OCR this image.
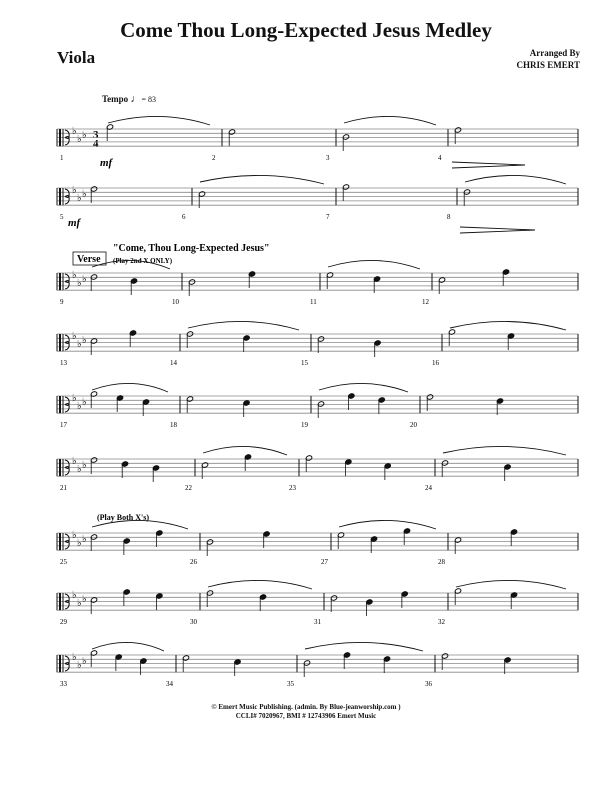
Come Thou Long-Expected Jesus Medley
Viola	Arranged By
CHRIS EMERT
Tempo ♩= 83
3
4
mf
mf
Verse
"Come, Thou Long-Expected Jesus"
(Play 2nd X ONLY)
(Play Both X's)
♭
♭ ♭
1	2	3	4
♭
♭ ♭
5	6	7	8
♭
♭ ♭
9	10	11	12
♭
♭ ♭
13	14	15	16
♭
♭ ♭
17	18	19	20
♭
♭ ♭
21	22	23	24
♭
♭ ♭
25	26	27	28
♭
♭ ♭
29	30	31	32
♭
♭ ♭
33	34	35	36
© Emert Music Publishing. (admin. By Blue-jeanworship.com )
CCLI# 7020967, BMI # 12743906 Emert Music
